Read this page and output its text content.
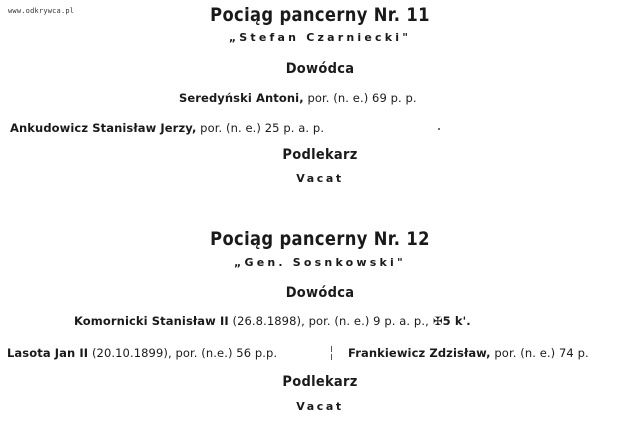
www.odkrywca.pl	Pociąg pancerny Nr. 11
„Stefan Czarniecki"
Dowódca
Seredyński Antoni, por. (n. e.) 69 p. p.
Ankudowicz Stanisław Jerzy, por. (n. e.) 25 p. a. p.
Podlekarz
Vacat
Pociąg pancerny Nr. 12
„Gen. Sosnkowski"
Dowódca
Komornicki Stanisław II (26.8.1898), por. (n. e.) 9 p. a. p., ✠5 k'.
Lasota Jan II (20.10.1899), por. (n.e.) 56 p.p.	Frankiewicz Zdzisław, por. (n. e.) 74 p.
Podlekarz
Vacat
